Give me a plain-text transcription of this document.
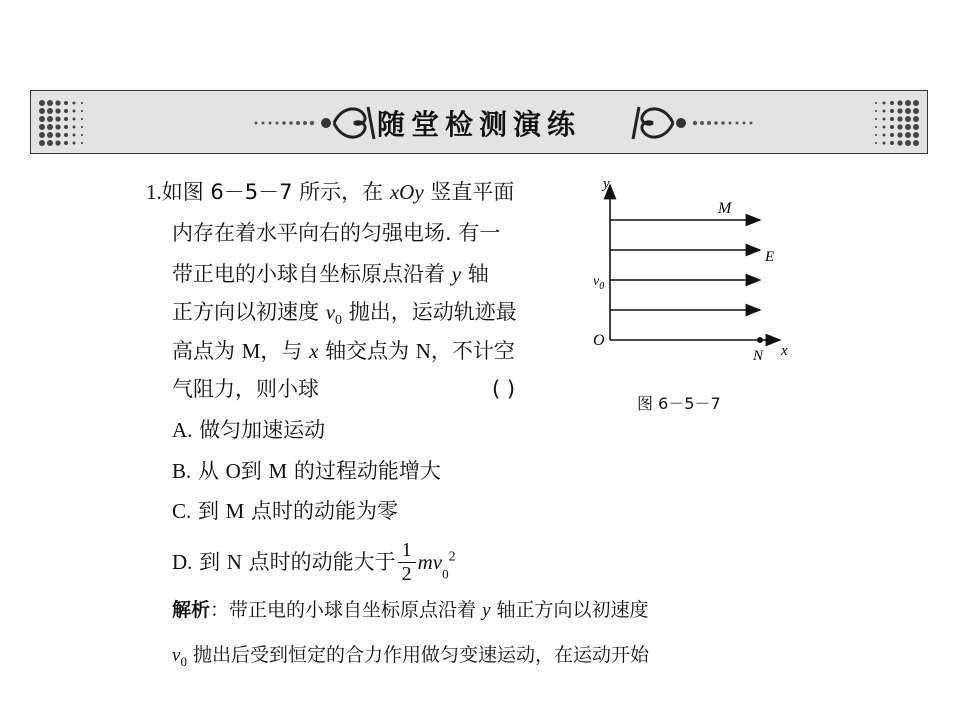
随堂检测演练
1.如图 6－5－7 所示，在 xOy 竖直平面
内存在着水平向右的匀强电场. 有一
带正电的小球自坐标原点沿着 y 轴
正方向以初速度 $v_0$ 抛出，运动轨迹最
高点为 M，与 x 轴交点为 N，不计空
气阻力，则小球	( )
A. 做匀加速运动
B. 从 O到 M 的过程动能增大
C. 到 M 点时的动能为零
D. 到 N 点时的动能大于 $\frac{1}{2} mv_0^2$
解析：带正电的小球自坐标原点沿着 y 轴正方向以初速度
$v_0$ 抛出后受到恒定的合力作用做匀变速运动，在运动开始
y
x
O
M
E
N
$v_0$
图 6－5－7
